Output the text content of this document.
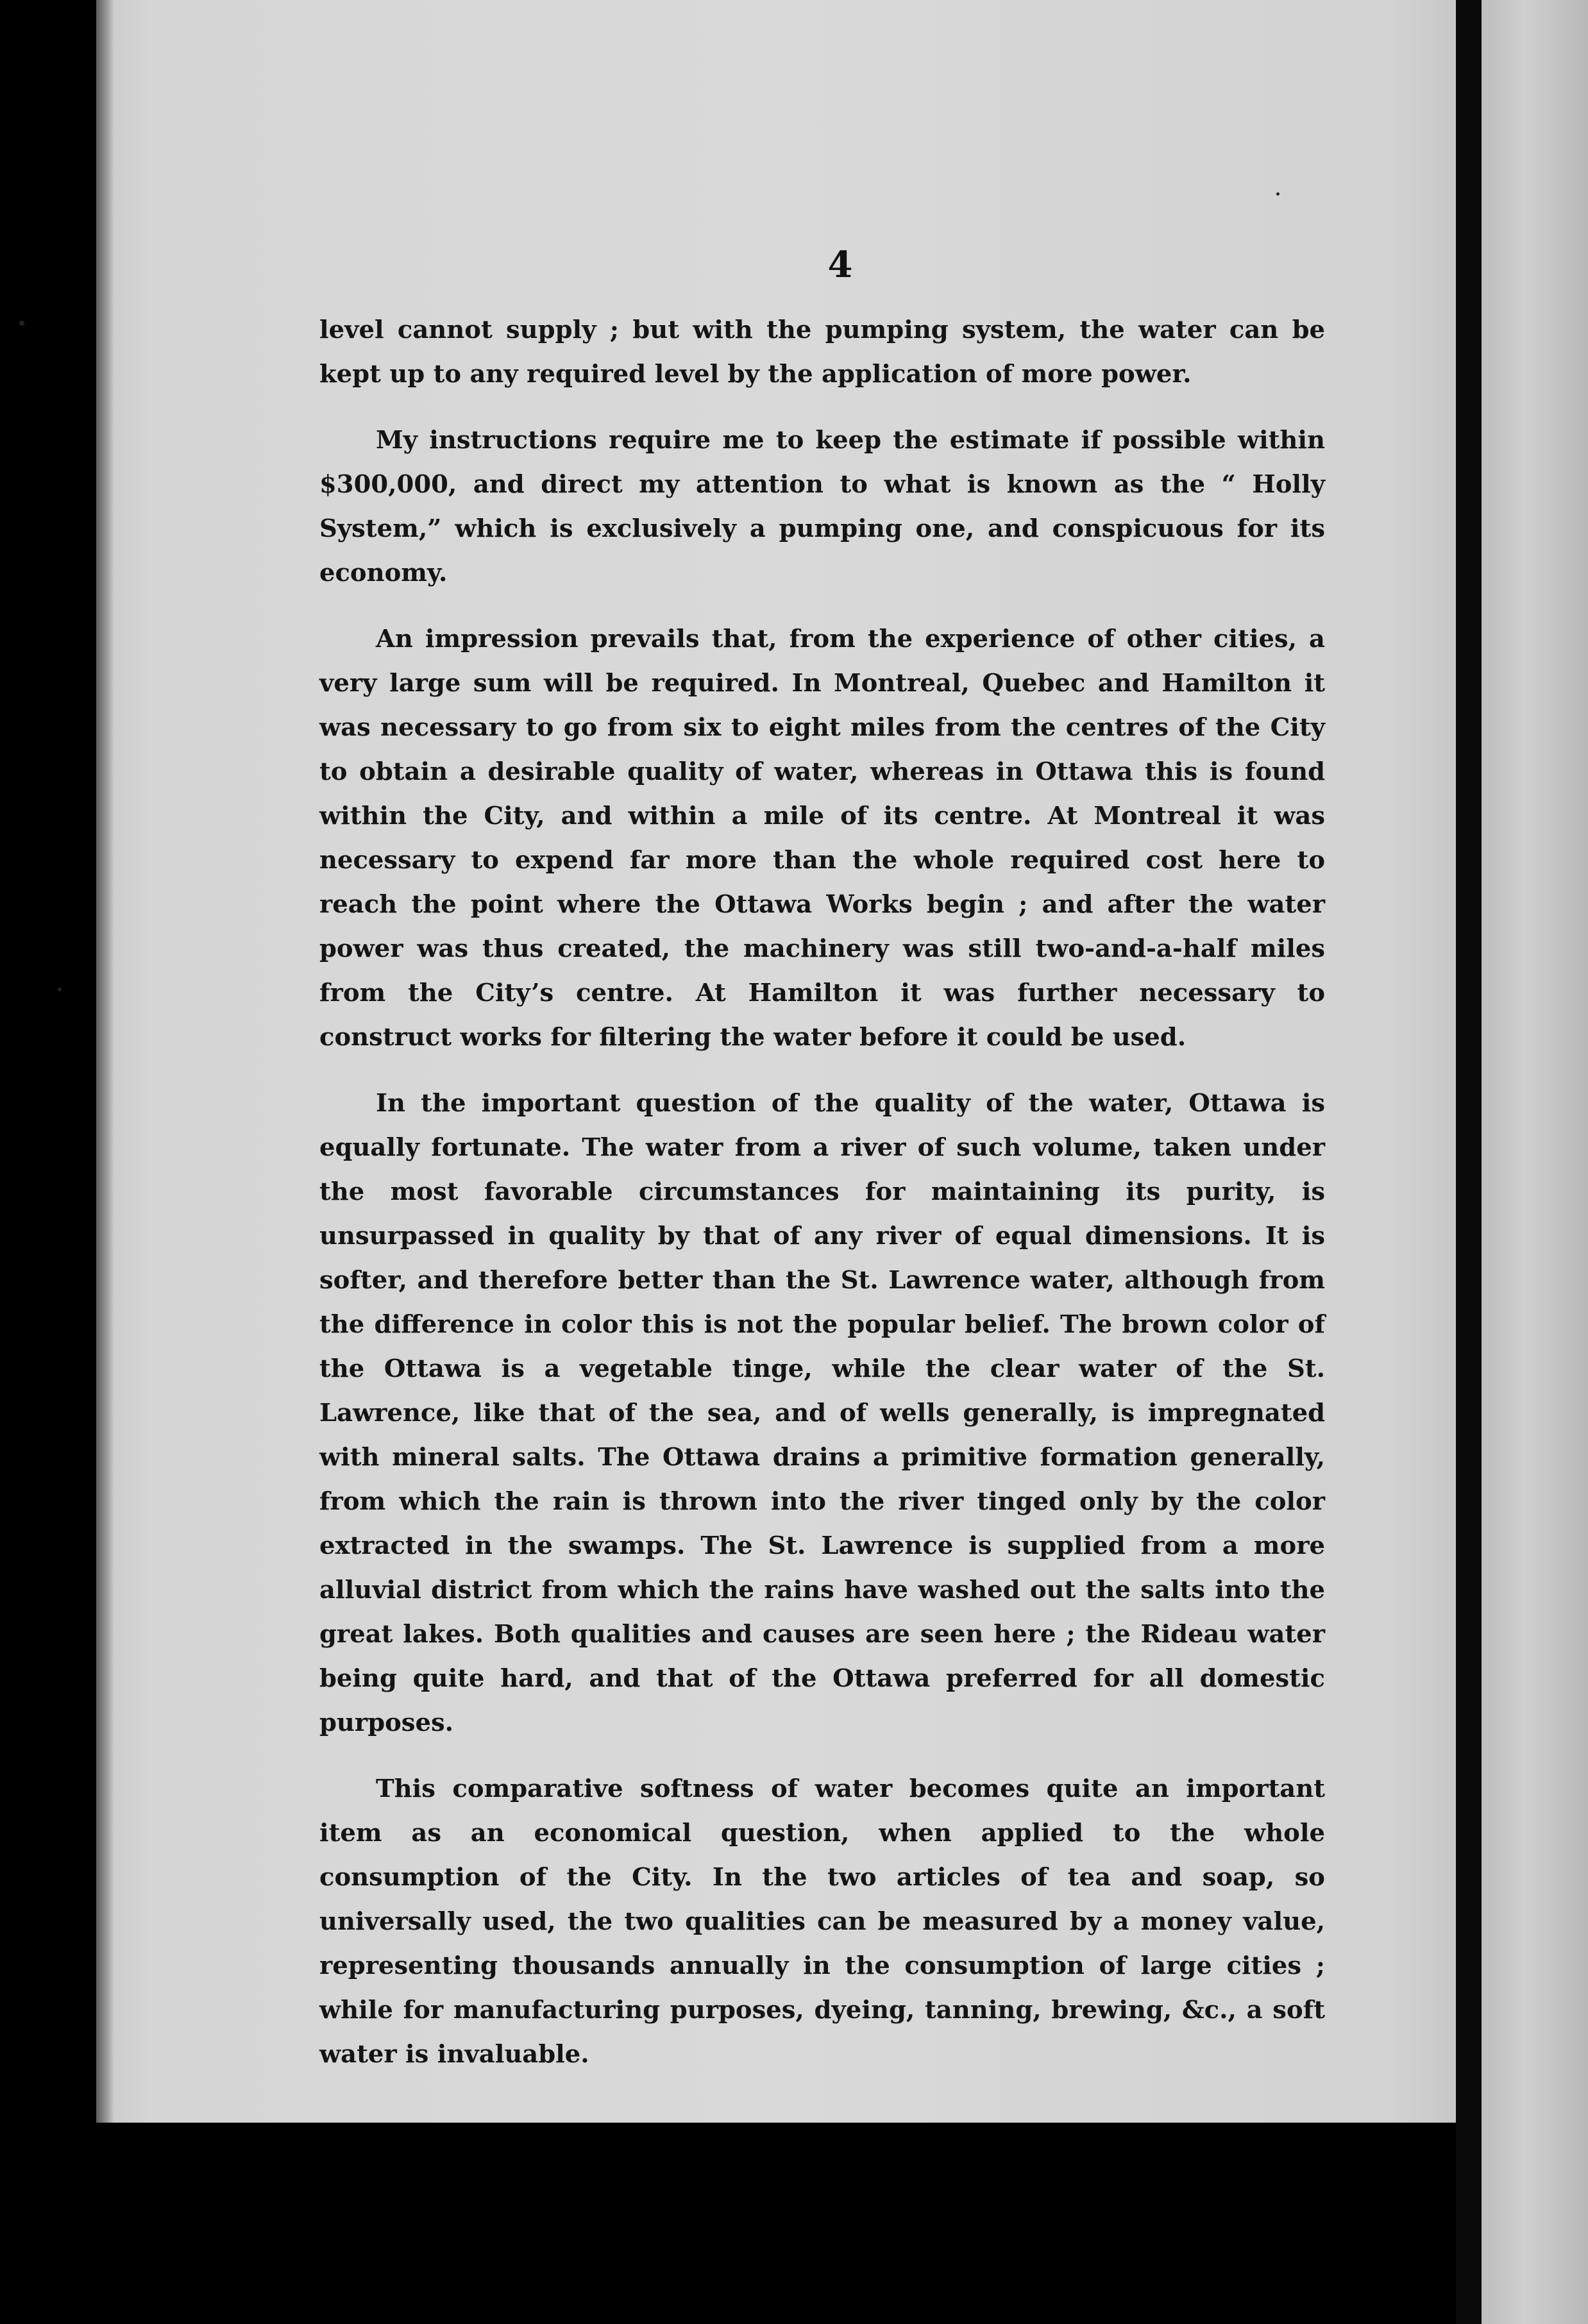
4

level cannot supply ; but with the pumping system, the water can be kept up to any required level by the application of more power.

My instructions require me to keep the estimate if possible within $300,000, and direct my attention to what is known as the “ Holly System,” which is exclusively a pumping one, and conspicuous for its economy.

An impression prevails that, from the experience of other cities, a very large sum will be required. In Montreal, Quebec and Hamilton it was necessary to go from six to eight miles from the centres of the City to obtain a desirable quality of water, whereas in Ottawa this is found within the City, and within a mile of its centre. At Montreal it was necessary to expend far more than the whole required cost here to reach the point where the Ottawa Works begin ; and after the water power was thus created, the machinery was still two-and-a-half miles from the City’s centre. At Hamilton it was further necessary to construct works for filtering the water before it could be used.

In the important question of the quality of the water, Ottawa is equally fortunate. The water from a river of such volume, taken under the most favorable circumstances for maintaining its purity, is unsurpassed in quality by that of any river of equal dimensions. It is softer, and therefore better than the St. Lawrence water, although from the difference in color this is not the popular belief. The brown color of the Ottawa is a vegetable tinge, while the clear water of the St. Lawrence, like that of the sea, and of wells generally, is impregnated with mineral salts. The Ottawa drains a primitive formation generally, from which the rain is thrown into the river tinged only by the color extracted in the swamps. The St. Lawrence is supplied from a more alluvial district from which the rains have washed out the salts into the great lakes. Both qualities and causes are seen here ; the Rideau water being quite hard, and that of the Ottawa preferred for all domestic purposes.

This comparative softness of water becomes quite an important item as an economical question, when applied to the whole consumption of the City. In the two articles of tea and soap, so universally used, the two qualities can be measured by a money value, representing thousands annually in the consumption of large cities ; while for manufacturing purposes, dyeing, tanning, brewing, &c., a soft water is invaluable.
